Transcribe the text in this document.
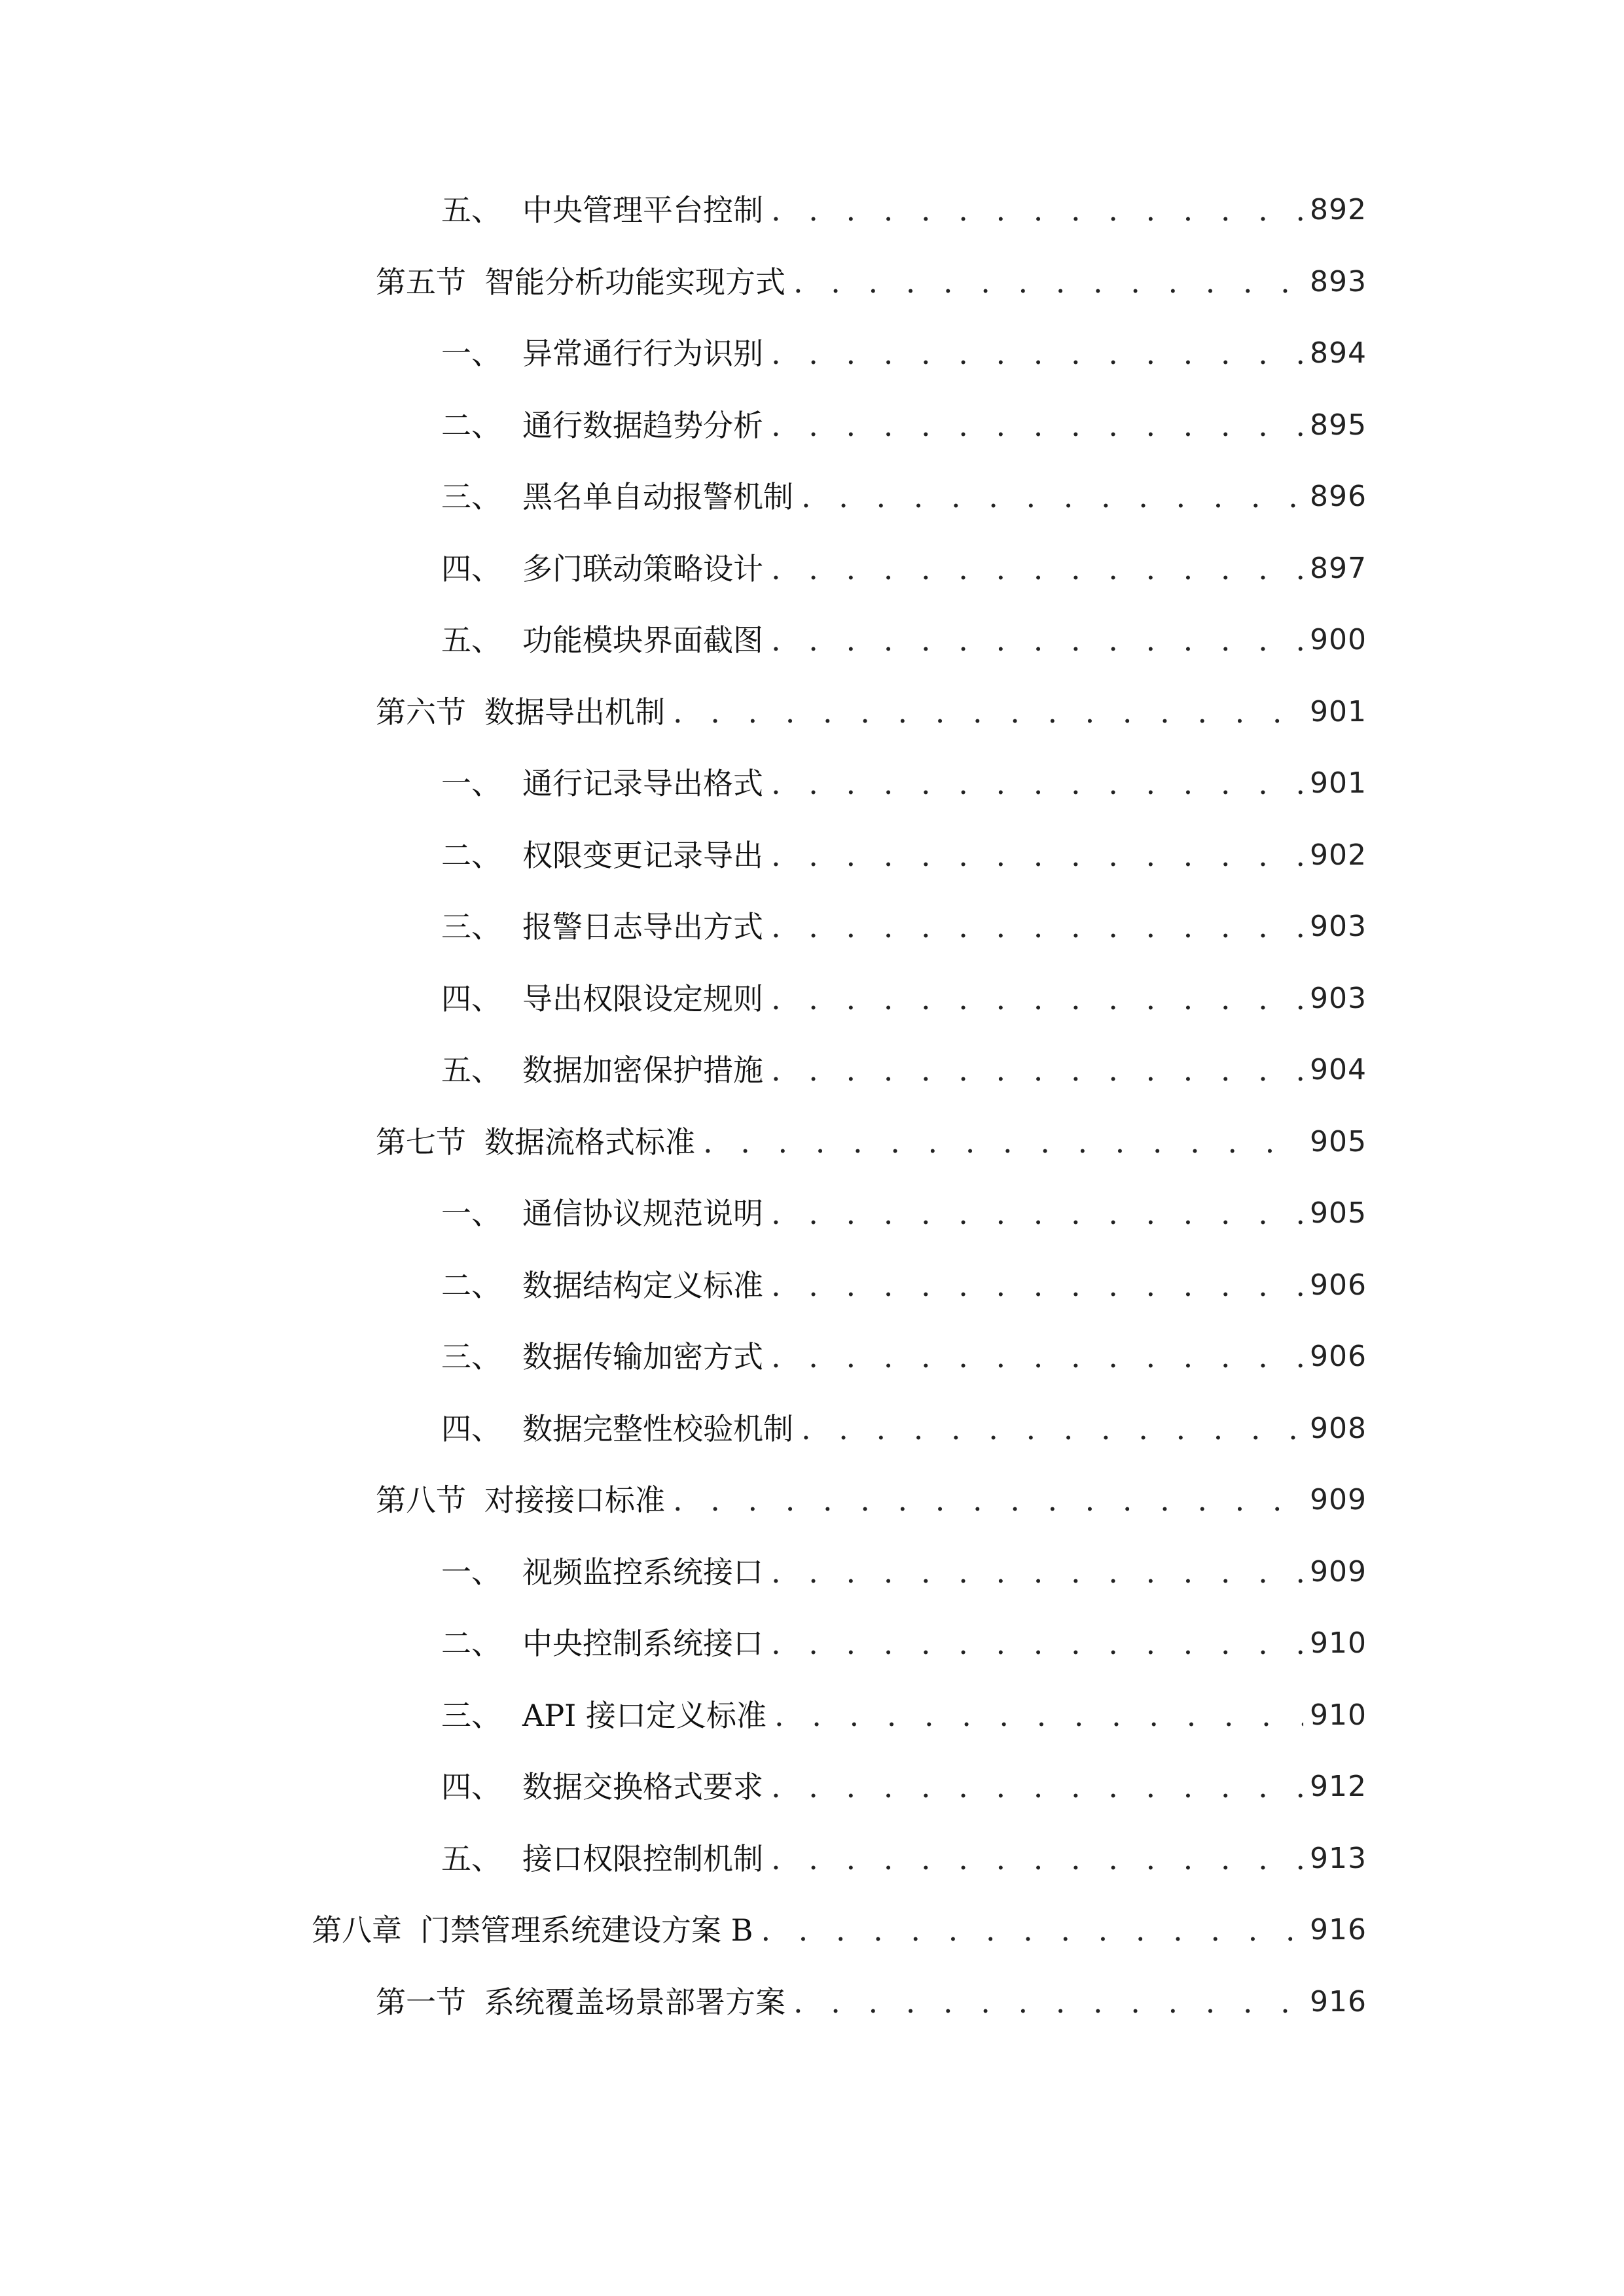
五、 中央管理平台控制 . . .	892
第五节 智能分析功能实现方式 . . .	893
一、 异常通行行为识别 . . .	894
二、 通行数据趋势分析 . . .	895
三、 黑名单自动报警机制 . . .	896
四、 多门联动策略设计 . . .	897
五、 功能模块界面截图 . . .	900
第六节 数据导出机制 . . .	901
一、 通行记录导出格式 . . .	901
二、 权限变更记录导出 . . .	902
三、 报警日志导出方式 . . .	903
四、 导出权限设定规则 . . .	903
五、 数据加密保护措施 . . .	904
第七节 数据流格式标准 . . .	905
一、 通信协议规范说明 . . .	905
二、 数据结构定义标准 . . .	906
三、 数据传输加密方式 . . .	906
四、 数据完整性校验机制 . . .	908
第八节 对接接口标准 . . .	909
一、 视频监控系统接口 . . .	909
二、 中央控制系统接口 . . .	910
三、 API 接口定义标准 . . .	910
四、 数据交换格式要求 . . .	912
五、 接口权限控制机制 . . .	913
第八章 门禁管理系统建设方案 B . . .	916
第一节 系统覆盖场景部署方案 . . .	916
